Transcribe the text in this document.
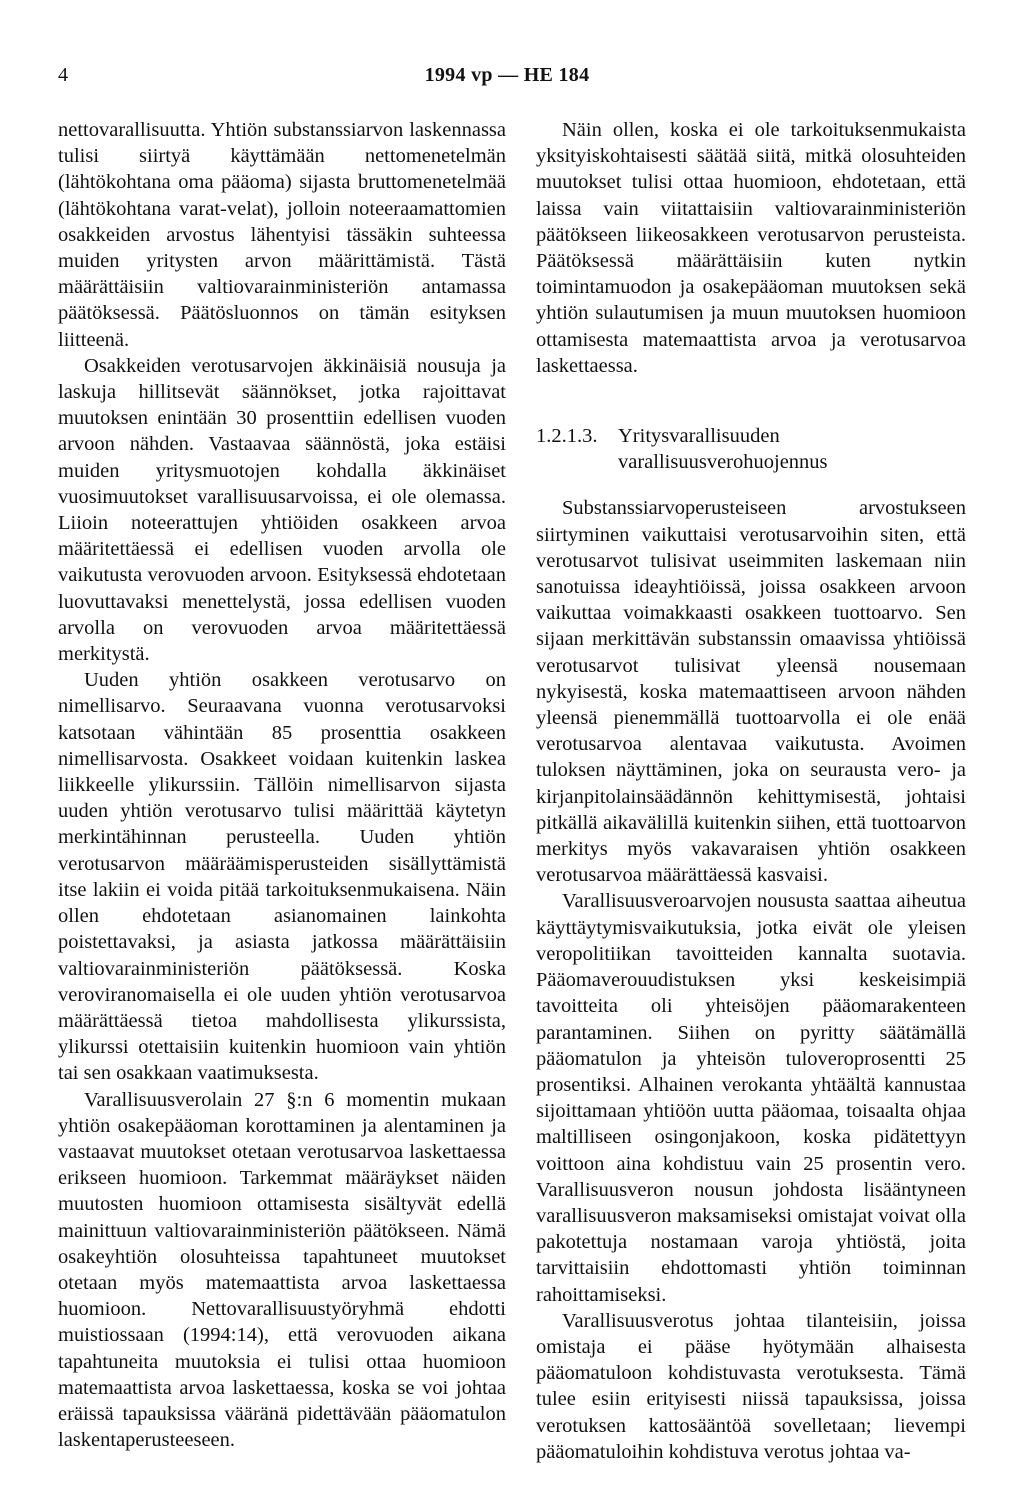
4	1994 vp — HE 184

nettovarallisuutta. Yhtiön substanssiarvon laskennassa tulisi siirtyä käyttämään nettomenetelmän (lähtökohtana oma pääoma) sijasta bruttomenetelmää (lähtökohtana varat-velat), jolloin noteeraamattomien osakkeiden arvostus lähentyisi tässäkin suhteessa muiden yritysten arvon määrittämistä. Tästä määrättäisiin valtiovarainministeriön antamassa päätöksessä. Päätösluonnos on tämän esityksen liitteenä.

Osakkeiden verotusarvojen äkkinäisiä nousuja ja laskuja hillitsevät säännökset, jotka rajoittavat muutoksen enintään 30 prosenttiin edellisen vuoden arvoon nähden. Vastaavaa säännöstä, joka estäisi muiden yritysmuotojen kohdalla äkkinäiset vuosimuutokset varallisuusarvoissa, ei ole olemassa. Liioin noteerattujen yhtiöiden osakkeen arvoa määritettäessä ei edellisen vuoden arvolla ole vaikutusta verovuoden arvoon. Esityksessä ehdotetaan luovuttavaksi menettelystä, jossa edellisen vuoden arvolla on verovuoden arvoa määritettäessä merkitystä.

Uuden yhtiön osakkeen verotusarvo on nimellisarvo. Seuraavana vuonna verotusarvoksi katsotaan vähintään 85 prosenttia osakkeen nimellisarvosta. Osakkeet voidaan kuitenkin laskea liikkeelle ylikurssiin. Tällöin nimellisarvon sijasta uuden yhtiön verotusarvo tulisi määrittää käytetyn merkintähinnan perusteella. Uuden yhtiön verotusarvon määräämisperusteiden sisällyttämistä itse lakiin ei voida pitää tarkoituksenmukaisena. Näin ollen ehdotetaan asianomainen lainkohta poistettavaksi, ja asiasta jatkossa määrättäisiin valtiovarainministeriön päätöksessä. Koska veroviranomaisella ei ole uuden yhtiön verotusarvoa määrättäessä tietoa mahdollisesta ylikurssista, ylikurssi otettaisiin kuitenkin huomioon vain yhtiön tai sen osakkaan vaatimuksesta.

Varallisuusverolain 27 §:n 6 momentin mukaan yhtiön osakepääoman korottaminen ja alentaminen ja vastaavat muutokset otetaan verotusarvoa laskettaessa erikseen huomioon. Tarkemmat määräykset näiden muutosten huomioon ottamisesta sisältyvät edellä mainittuun valtiovarainministeriön päätökseen. Nämä osakeyhtiön olosuhteissa tapahtuneet muutokset otetaan myös matemaattista arvoa laskettaessa huomioon. Nettovarallisuustyöryhmä ehdotti muistiossaan (1994:14), että verovuoden aikana tapahtuneita muutoksia ei tulisi ottaa huomioon matemaattista arvoa laskettaessa, koska se voi johtaa eräissä tapauksissa vääränä pidettävään pääomatulon laskentaperusteeseen.

Näin ollen, koska ei ole tarkoituksenmukaista yksityiskohtaisesti säätää siitä, mitkä olosuhteiden muutokset tulisi ottaa huomioon, ehdotetaan, että laissa vain viitattaisiin valtiovarainministeriön päätökseen liikeosakkeen verotusarvon perusteista. Päätöksessä määrättäisiin kuten nytkin toimintamuodon ja osakepääoman muutoksen sekä yhtiön sulautumisen ja muun muutoksen huomioon ottamisesta matemaattista arvoa ja verotusarvoa laskettaessa.

1.2.1.3.	Yritysvarallisuuden varallisuusverohuojennus

Substanssiarvoperusteiseen arvostukseen siirtyminen vaikuttaisi verotusarvoihin siten, että verotusarvot tulisivat useimmiten laskemaan niin sanotuissa ideayhtiöissä, joissa osakkeen arvoon vaikuttaa voimakkaasti osakkeen tuottoarvo. Sen sijaan merkittävän substanssin omaavissa yhtiöissä verotusarvot tulisivat yleensä nousemaan nykyisestä, koska matemaattiseen arvoon nähden yleensä pienemmällä tuottoarvolla ei ole enää verotusarvoa alentavaa vaikutusta. Avoimen tuloksen näyttäminen, joka on seurausta vero- ja kirjanpitolainsäädännön kehittymisestä, johtaisi pitkällä aikavälillä kuitenkin siihen, että tuottoarvon merkitys myös vakavaraisen yhtiön osakkeen verotusarvoa määrättäessä kasvaisi.

Varallisuusveroarvojen noususta saattaa aiheutua käyttäytymisvaikutuksia, jotka eivät ole yleisen veropolitiikan tavoitteiden kannalta suotavia. Pääomaverouudistuksen yksi keskeisimpiä tavoitteita oli yhteisöjen pääomarakenteen parantaminen. Siihen on pyritty säätämällä pääomatulon ja yhteisön tuloveroprosentti 25 prosentiksi. Alhainen verokanta yhtäältä kannustaa sijoittamaan yhtiöön uutta pääomaa, toisaalta ohjaa maltilliseen osingonjakoon, koska pidätettyyn voittoon aina kohdistuu vain 25 prosentin vero. Varallisuusveron nousun johdosta lisääntyneen varallisuusveron maksamiseksi omistajat voivat olla pakotettuja nostamaan varoja yhtiöstä, joita tarvittaisiin ehdottomasti yhtiön toiminnan rahoittamiseksi.

Varallisuusverotus johtaa tilanteisiin, joissa omistaja ei pääse hyötymään alhaisesta pääomatuloon kohdistuvasta verotuksesta. Tämä tulee esiin erityisesti niissä tapauksissa, joissa verotuksen kattosääntöä sovelletaan; lievempi pääomatuloihin kohdistuva verotus johtaa va-
